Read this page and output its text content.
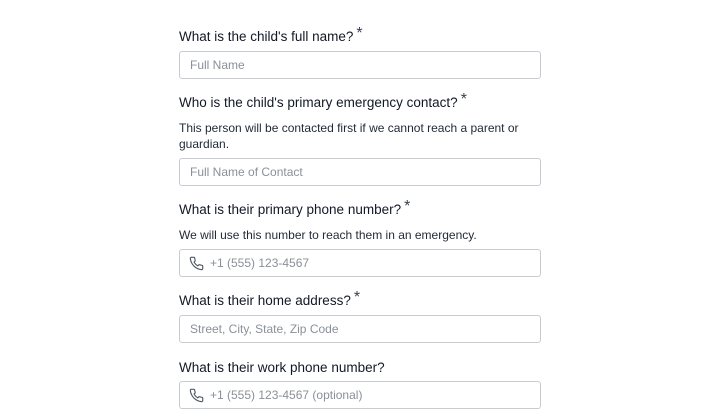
What is the child's full name? *
Full Name
Who is the child's primary emergency contact? *
This person will be contacted first if we cannot reach a parent or
guardian.
Full Name of Contact
What is their primary phone number? *
We will use this number to reach them in an emergency.
+1 (555) 123-4567
What is their home address? *
Street, City, State, Zip Code
What is their work phone number?
+1 (555) 123-4567 (optional)
